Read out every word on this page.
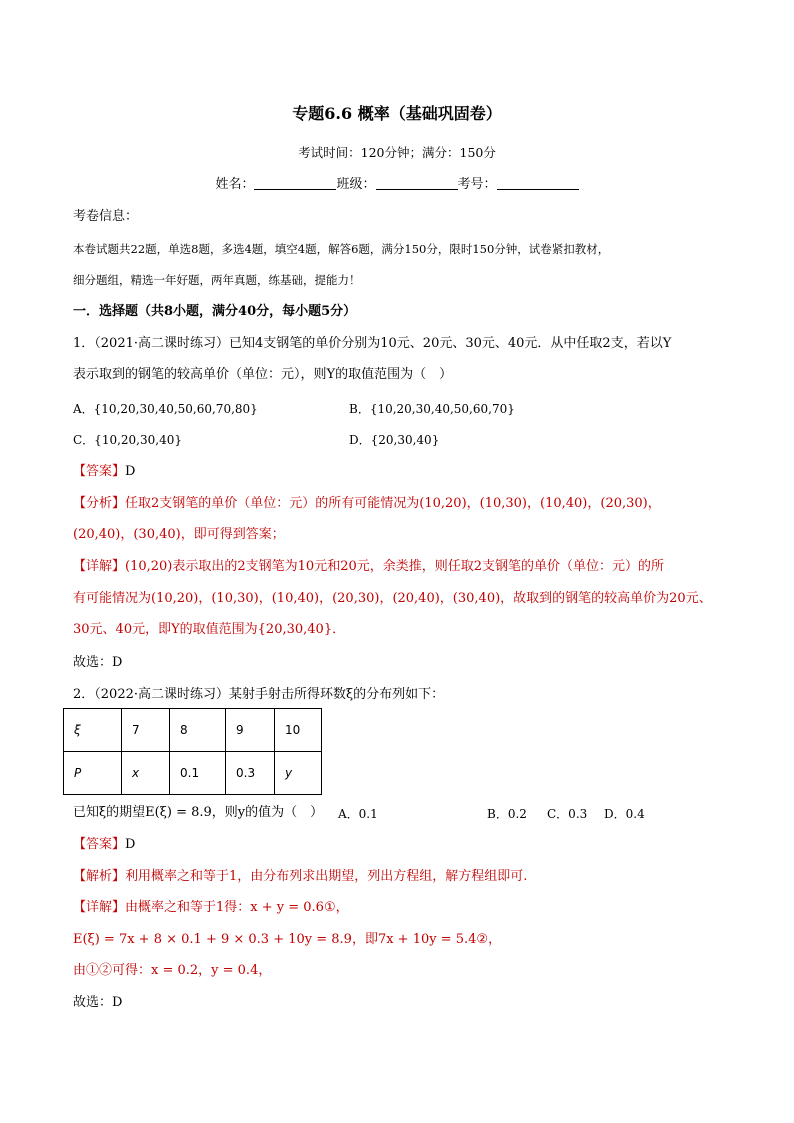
专题6.6 概率（基础巩固卷）
考试时间：120分钟；满分：150分
姓名：	班级：	考号：
考卷信息：
本卷试题共22题，单选8题，多选4题，填空4题，解答6题，满分150分，限时150分钟，试卷紧扣教材，
细分题组，精选一年好题，两年真题，练基础，提能力！
一．选择题（共8小题，满分40分，每小题5分）
1．（2021·高二课时练习）已知4支钢笔的单价分别为10元、20元、30元、40元．从中任取2支，若以Y
表示取到的钢笔的较高单价（单位：元），则Y的取值范围为（　）
A．{10,20,30,40,50,60,70,80}	B．{10,20,30,40,50,60,70}
C．{10,20,30,40}	D．{20,30,40}
【答案】D
【分析】任取2支钢笔的单价（单位：元）的所有可能情况为(10,20)，(10,30)，(10,40)，(20,30)，
(20,40)，(30,40)，即可得到答案；
【详解】(10,20)表示取出的2支钢笔为10元和20元，余类推，则任取2支钢笔的单价（单位：元）的所
有可能情况为(10,20)，(10,30)，(10,40)，(20,30)，(20,40)，(30,40)，故取到的钢笔的较高单价为20元、
30元、40元，即Y的取值范围为{20,30,40}．
故选：D
2．（2022·高二课时练习）某射手射击所得环数ξ的分布列如下：
ξ	7	8	9	10
P	x	0.1	0.3	y
已知ξ的期望E(ξ) = 8.9，则y的值为（　） A．0.1	B．0.2 C．0.3 D．0.4
【答案】D
【解析】利用概率之和等于1，由分布列求出期望，列出方程组，解方程组即可.
【详解】由概率之和等于1得：x + y = 0.6①，
E(ξ) = 7x + 8 × 0.1 + 9 × 0.3 + 10y = 8.9，即7x + 10y = 5.4②，
由①②可得：x = 0.2，y = 0.4，
故选：D
